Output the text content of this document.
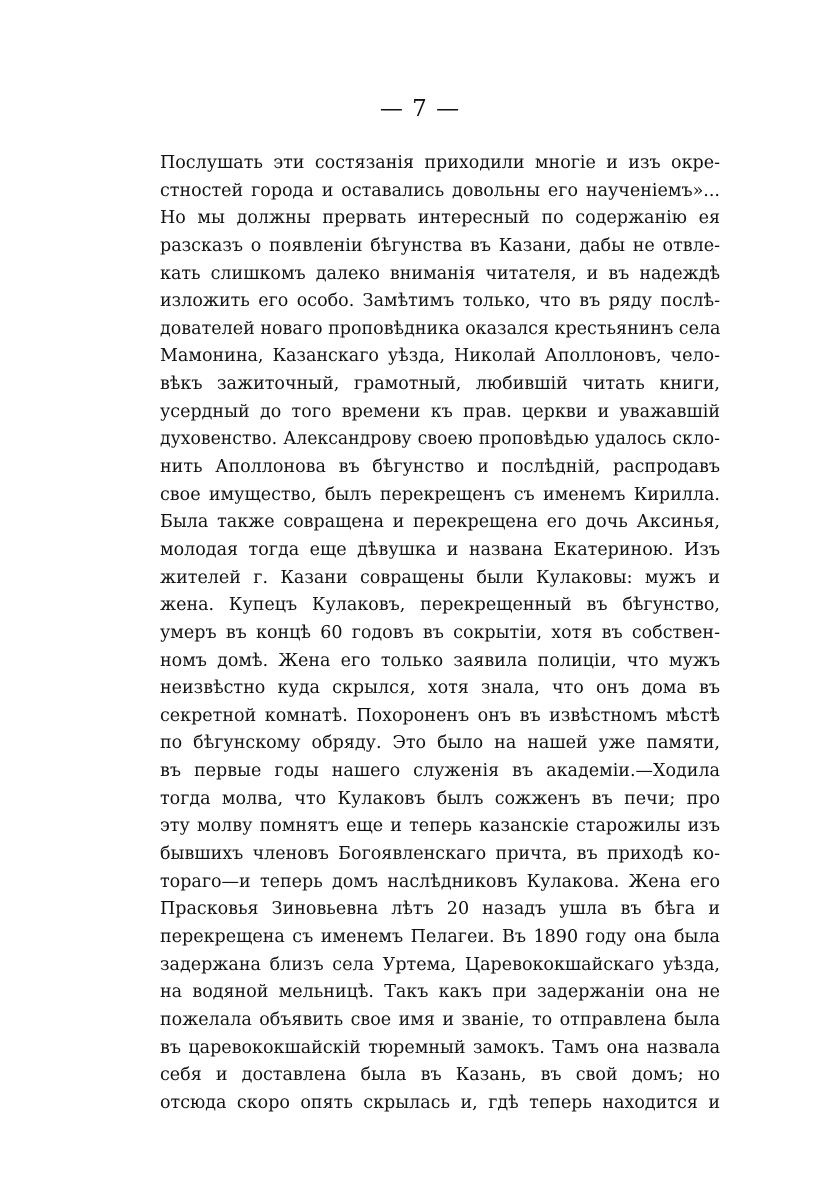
— 7 —
Послушать эти состязанія приходили многіе и изъ окре-
стностей города и оставались довольны его наученіемъ»...
Но мы должны прервать интересный по содержанію ея
разсказъ о появленіи бѣгунства въ Казани, дабы не отвле-
кать слишкомъ далеко вниманія читателя, и въ надеждѣ
изложить его особо. Замѣтимъ только, что въ ряду послѣ-
дователей новаго проповѣдника оказался крестьянинъ села
Мамонина, Казанскаго уѣзда, Николай Аполлоновъ, чело-
вѣкъ зажиточный, грамотный, любившій читать книги,
усердный до того времени къ прав. церкви и уважавшій
духовенство. Александрову своею проповѣдью удалось скло-
нить Аполлонова въ бѣгунство и послѣдній, распродавъ
свое имущество, былъ перекрещенъ съ именемъ Кирилла.
Была также совращена и перекрещена его дочь Аксинья,
молодая тогда еще дѣвушка и названа Екатериною. Изъ
жителей г. Казани совращены были Кулаковы: мужъ и
жена. Купецъ Кулаковъ, перекрещенный въ бѣгунство,
умеръ въ концѣ 60 годовъ въ сокрытіи, хотя въ собствен-
номъ домѣ. Жена его только заявила полиціи, что мужъ
неизвѣстно куда скрылся, хотя знала, что онъ дома въ
секретной комнатѣ. Похороненъ онъ въ извѣстномъ мѣстѣ
по бѣгунскому обряду. Это было на нашей уже памяти,
въ первые годы нашего служенія въ академіи.—Ходила
тогда молва, что Кулаковъ былъ сожженъ въ печи; про
эту молву помнятъ еще и теперь казанскіе старожилы изъ
бывшихъ членовъ Богоявленскаго причта, въ приходѣ ко-
тораго—и теперь домъ наслѣдниковъ Кулакова. Жена его
Прасковья Зиновьевна лѣтъ 20 назадъ ушла въ бѣга и
перекрещена съ именемъ Пелагеи. Въ 1890 году она была
задержана близъ села Уртема, Царевококшайскаго уѣзда,
на водяной мельницѣ. Такъ какъ при задержаніи она не
пожелала объявить свое имя и званіе, то отправлена была
въ царевококшайскій тюремный замокъ. Тамъ она назвала
себя и доставлена была въ Казань, въ свой домъ; но
отсюда скоро опять скрылась и, гдѣ теперь находится и
